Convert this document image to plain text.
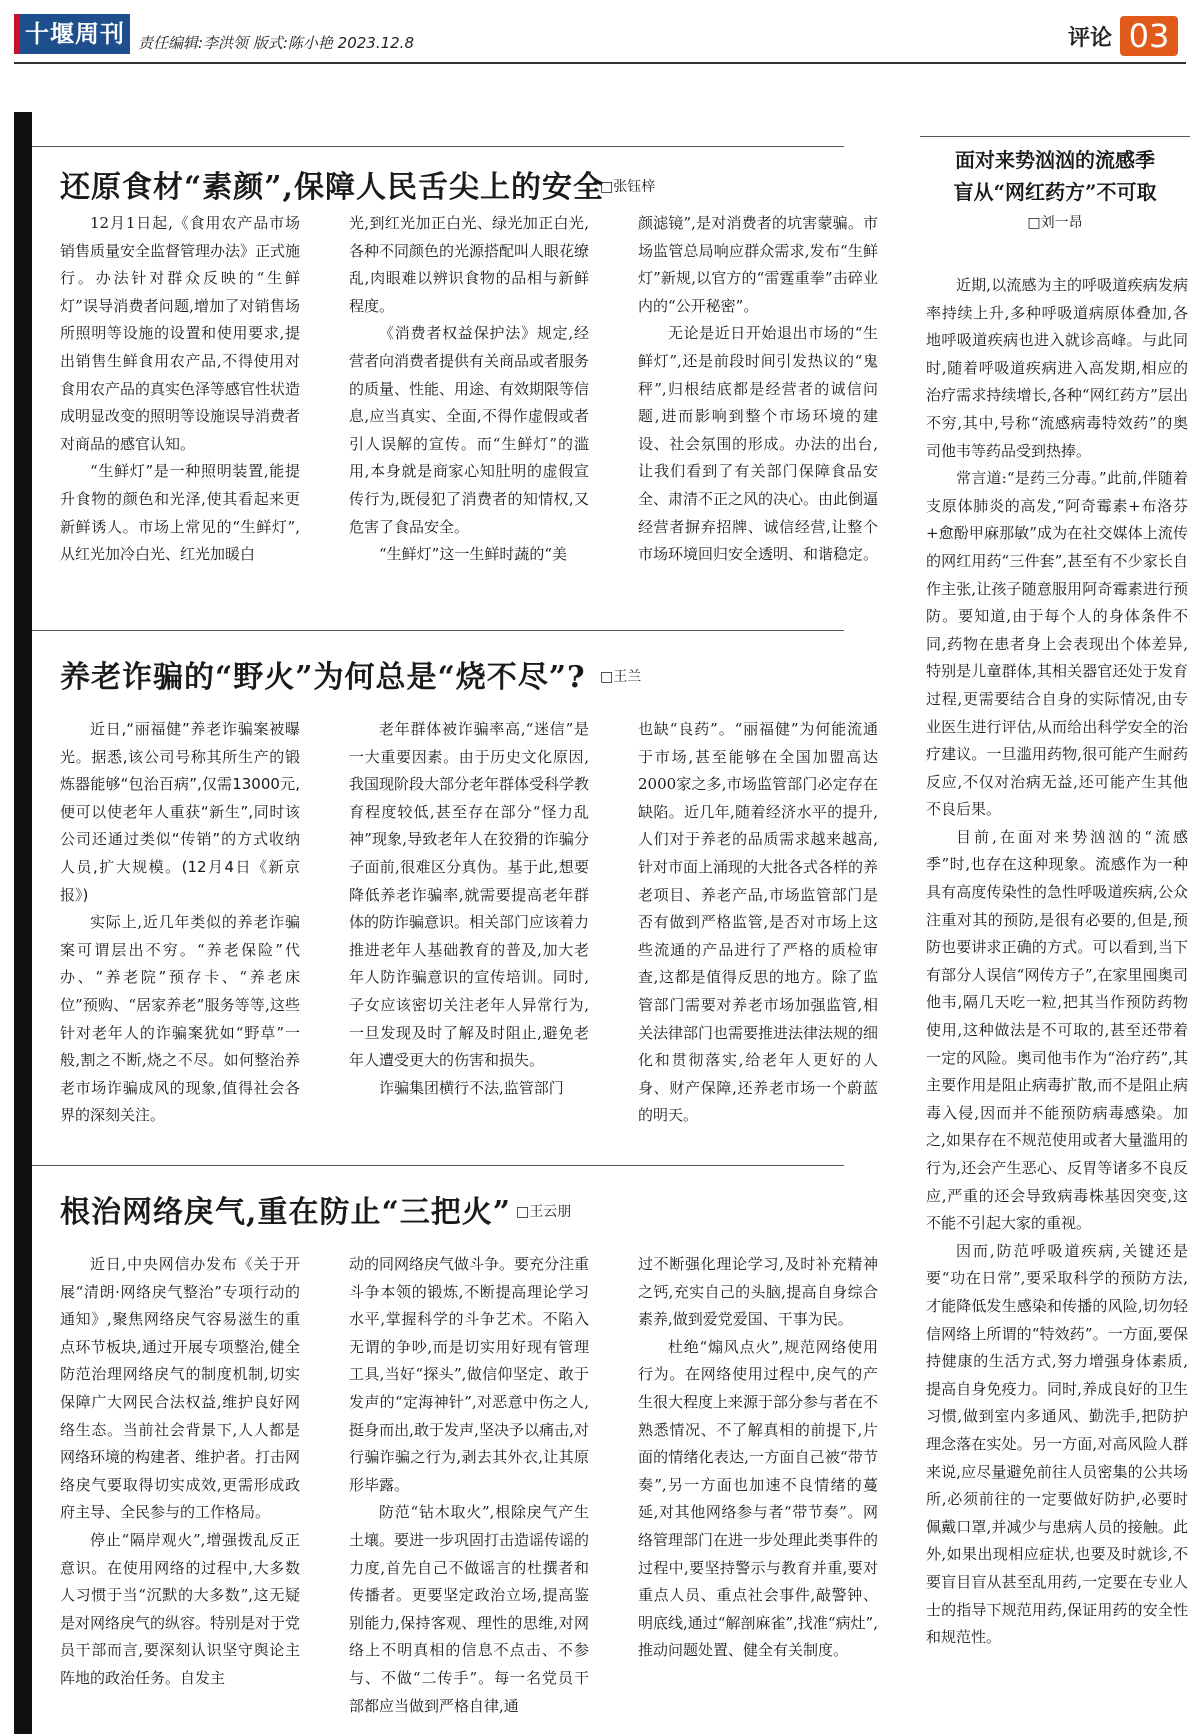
十堰周刊 责任编辑:李洪领 版式:陈小艳 2023.12.8	评论 03
还原食材“素颜”,保障人民舌尖上的安全
□张钰梓

12月1日起,《食用农产品市场销售质量安全监督管理办法》正式施行。办法针对群众反映的“生鲜灯”误导消费者问题,增加了对销售场所照明等设施的设置和使用要求,提出销售生鲜食用农产品,不得使用对食用农产品的真实色泽等感官性状造成明显改变的照明等设施误导消费者对商品的感官认知。

“生鲜灯”是一种照明装置,能提升食物的颜色和光泽,使其看起来更新鲜诱人。市场上常见的“生鲜灯”,从红光加冷白光、红光加暖白

光,到红光加正白光、绿光加正白光,各种不同颜色的光源搭配叫人眼花缭乱,肉眼难以辨识食物的品相与新鲜程度。

《消费者权益保护法》规定,经营者向消费者提供有关商品或者服务的质量、性能、用途、有效期限等信息,应当真实、全面,不得作虚假或者引人误解的宣传。而“生鲜灯”的滥用,本身就是商家心知肚明的虚假宣传行为,既侵犯了消费者的知情权,又危害了食品安全。

“生鲜灯”这一生鲜时蔬的“美

颜滤镜”,是对消费者的坑害蒙骗。市场监管总局响应群众需求,发布“生鲜灯”新规,以官方的“雷霆重拳”击碎业内的“公开秘密”。

无论是近日开始退出市场的“生鲜灯”,还是前段时间引发热议的“鬼秤”,归根结底都是经营者的诚信问题,进而影响到整个市场环境的建设、社会氛围的形成。办法的出台,让我们看到了有关部门保障食品安全、肃清不正之风的决心。由此倒逼经营者摒弃招牌、诚信经营,让整个市场环境回归安全透明、和谐稳定。

养老诈骗的“野火”为何总是“烧不尽”? □王兰

近日,“丽福健”养老诈骗案被曝光。据悉,该公司号称其所生产的锻炼器能够“包治百病”,仅需13000元,便可以使老年人重获“新生”,同时该公司还通过类似“传销”的方式收纳人员,扩大规模。(12月4日《新京报》)

实际上,近几年类似的养老诈骗案可谓层出不穷。“养老保险”代办、“养老院”预存卡、“养老床位”预购、“居家养老”服务等等,这些针对老年人的诈骗案犹如“野草”一般,割之不断,烧之不尽。如何整治养老市场诈骗成风的现象,值得社会各界的深刻关注。

老年群体被诈骗率高,“迷信”是一大重要因素。由于历史文化原因,我国现阶段大部分老年群体受科学教育程度较低,甚至存在部分“怪力乱神”现象,导致老年人在狡猾的诈骗分子面前,很难区分真伪。基于此,想要降低养老诈骗率,就需要提高老年群体的防诈骗意识。相关部门应该着力推进老年人基础教育的普及,加大老年人防诈骗意识的宣传培训。同时,子女应该密切关注老年人异常行为,一旦发现及时了解及时阻止,避免老年人遭受更大的伤害和损失。

诈骗集团横行不法,监管部门

也缺“良药”。“丽福健”为何能流通于市场,甚至能够在全国加盟高达2000家之多,市场监管部门必定存在缺陷。近几年,随着经济水平的提升,人们对于养老的品质需求越来越高,针对市面上涌现的大批各式各样的养老项目、养老产品,市场监管部门是否有做到严格监管,是否对市场上这些流通的产品进行了严格的质检审查,这都是值得反思的地方。除了监管部门需要对养老市场加强监管,相关法律部门也需要推进法律法规的细化和贯彻落实,给老年人更好的人身、财产保障,还养老市场一个蔚蓝的明天。

根治网络戾气,重在防止“三把火” □王云朋

近日,中央网信办发布《关于开展“清朗·网络戾气整治”专项行动的通知》,聚焦网络戾气容易滋生的重点环节板块,通过开展专项整治,健全防范治理网络戾气的制度机制,切实保障广大网民合法权益,维护良好网络生态。当前社会背景下,人人都是网络环境的构建者、维护者。打击网络戾气要取得切实成效,更需形成政府主导、全民参与的工作格局。

停止“隔岸观火”,增强拨乱反正意识。在使用网络的过程中,大多数人习惯于当“沉默的大多数”,这无疑是对网络戾气的纵容。特别是对于党员干部而言,要深刻认识坚守舆论主阵地的政治任务。自发主

动的同网络戾气做斗争。要充分注重斗争本领的锻炼,不断提高理论学习水平,掌握科学的斗争艺术。不陷入无谓的争吵,而是切实用好现有管理工具,当好“探头”,做信仰坚定、敢于发声的“定海神针”,对恶意中伤之人,挺身而出,敢于发声,坚决予以痛击,对行骗诈骗之行为,剥去其外衣,让其原形毕露。

防范“钻木取火”,根除戾气产生土壤。要进一步巩固打击造谣传谣的力度,首先自己不做谣言的杜撰者和传播者。更要坚定政治立场,提高鉴别能力,保持客观、理性的思维,对网络上不明真相的信息不点击、不参与、不做“二传手”。每一名党员干部都应当做到严格自律,通

过不断强化理论学习,及时补充精神之钙,充实自己的头脑,提高自身综合素养,做到爱党爱国、干事为民。

杜绝“煽风点火”,规范网络使用行为。在网络使用过程中,戾气的产生很大程度上来源于部分参与者在不熟悉情况、不了解真相的前提下,片面的情绪化表达,一方面自己被“带节奏”,另一方面也加速不良情绪的蔓延,对其他网络参与者“带节奏”。网络管理部门在进一步处理此类事件的过程中,要坚持警示与教育并重,要对重点人员、重点社会事件,敲警钟、明底线,通过“解剖麻雀”,找准“病灶”,推动问题处置、健全有关制度。

面对来势汹汹的流感季
盲从“网红药方”不可取
□刘一昂

近期,以流感为主的呼吸道疾病发病率持续上升,多种呼吸道病原体叠加,各地呼吸道疾病也进入就诊高峰。与此同时,随着呼吸道疾病进入高发期,相应的治疗需求持续增长,各种“网红药方”层出不穷,其中,号称“流感病毒特效药”的奥司他韦等药品受到热捧。

常言道:“是药三分毒。”此前,伴随着支原体肺炎的高发,“阿奇霉素+布洛芬+愈酚甲麻那敏”成为在社交媒体上流传的网红用药“三件套”,甚至有不少家长自作主张,让孩子随意服用阿奇霉素进行预防。要知道,由于每个人的身体条件不同,药物在患者身上会表现出个体差异,特别是儿童群体,其相关器官还处于发育过程,更需要结合自身的实际情况,由专业医生进行评估,从而给出科学安全的治疗建议。一旦滥用药物,很可能产生耐药反应,不仅对治病无益,还可能产生其他不良后果。

目前,在面对来势汹汹的“流感季”时,也存在这种现象。流感作为一种具有高度传染性的急性呼吸道疾病,公众注重对其的预防,是很有必要的,但是,预防也要讲求正确的方式。可以看到,当下有部分人误信“网传方子”,在家里囤奥司他韦,隔几天吃一粒,把其当作预防药物使用,这种做法是不可取的,甚至还带着一定的风险。奥司他韦作为“治疗药”,其主要作用是阻止病毒扩散,而不是阻止病毒入侵,因而并不能预防病毒感染。加之,如果存在不规范使用或者大量滥用的行为,还会产生恶心、反胃等诸多不良反应,严重的还会导致病毒株基因突变,这不能不引起大家的重视。

因而,防范呼吸道疾病,关键还是要“功在日常”,要采取科学的预防方法,才能降低发生感染和传播的风险,切勿轻信网络上所谓的“特效药”。一方面,要保持健康的生活方式,努力增强身体素质,提高自身免疫力。同时,养成良好的卫生习惯,做到室内多通风、勤洗手,把防护理念落在实处。另一方面,对高风险人群来说,应尽量避免前往人员密集的公共场所,必须前往的一定要做好防护,必要时佩戴口罩,并减少与患病人员的接触。此外,如果出现相应症状,也要及时就诊,不要盲目盲从甚至乱用药,一定要在专业人士的指导下规范用药,保证用药的安全性和规范性。
